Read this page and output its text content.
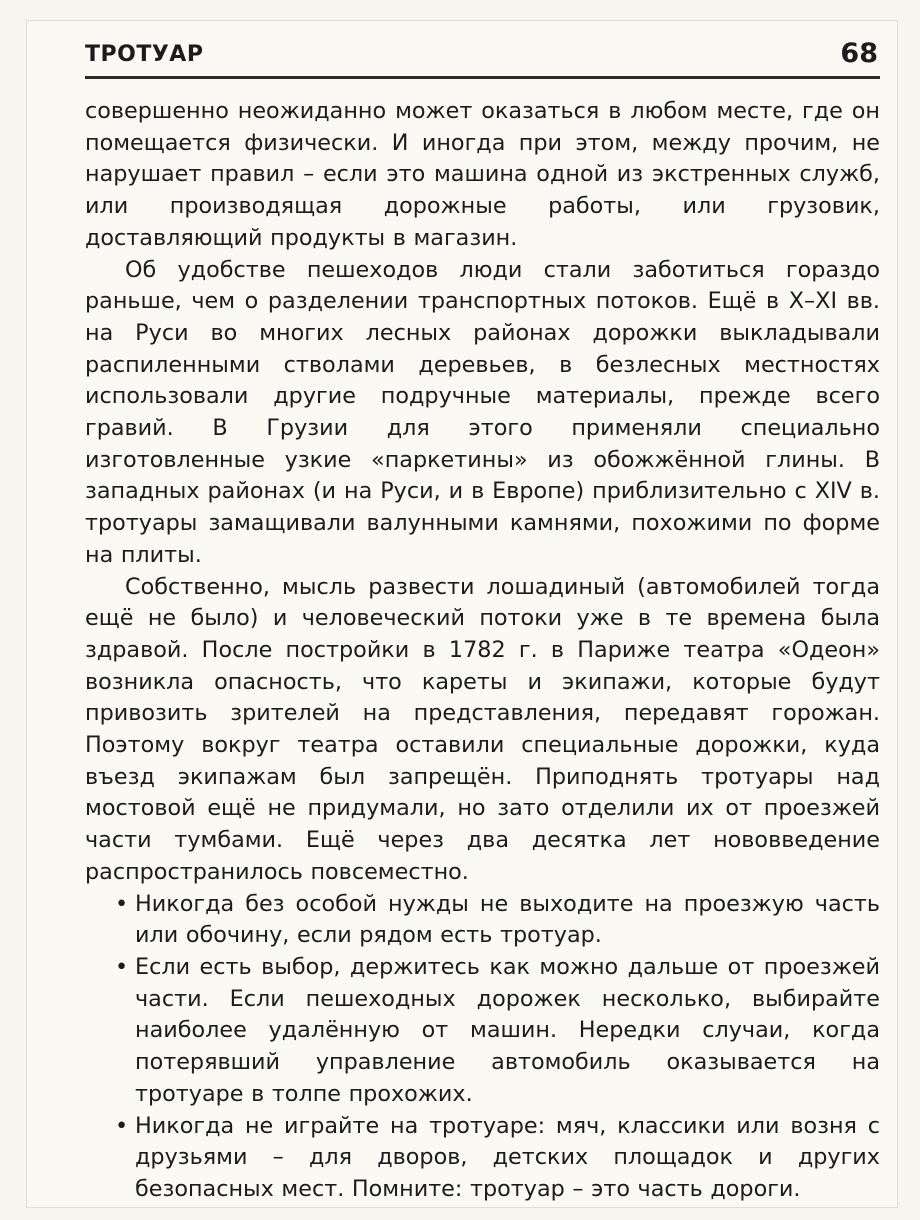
ТРОТУАР	68

совершенно неожиданно может оказаться в любом месте, где он помещается физически. И иногда при этом, между прочим, не нарушает правил – если это машина одной из экстренных служб, или производящая дорожные работы, или грузовик, доставляющий продукты в магазин.

Об удобстве пешеходов люди стали заботиться гораздо раньше, чем о разделении транспортных потоков. Ещё в X–XI вв. на Руси во многих лесных районах дорожки выкладывали распиленными стволами деревьев, в безлесных местностях использовали другие подручные материалы, прежде всего гравий. В Грузии для этого применяли специально изготовленные узкие «паркетины» из обожжённой глины. В западных районах (и на Руси, и в Европе) приблизительно с XIV в. тротуары замащивали валунными камнями, похожими по форме на плиты.

Собственно, мысль развести лошадиный (автомобилей тогда ещё не было) и человеческий потоки уже в те времена была здравой. После постройки в 1782 г. в Париже театра «Одеон» возникла опасность, что кареты и экипажи, которые будут привозить зрителей на представления, передавят горожан. Поэтому вокруг театра оставили специальные дорожки, куда въезд экипажам был запрещён. Приподнять тротуары над мостовой ещё не придумали, но зато отделили их от проезжей части тумбами. Ещё через два десятка лет нововведение распространилось повсеместно.

• Никогда без особой нужды не выходите на проезжую часть или обочину, если рядом есть тротуар.
• Если есть выбор, держитесь как можно дальше от проезжей части. Если пешеходных дорожек несколько, выбирайте наиболее удалённую от машин. Нередки случаи, когда потерявший управление автомобиль оказывается на тротуаре в толпе прохожих.
• Никогда не играйте на тротуаре: мяч, классики или возня с друзьями – для дворов, детских площадок и других безопасных мест. Помните: тротуар – это часть дороги.
